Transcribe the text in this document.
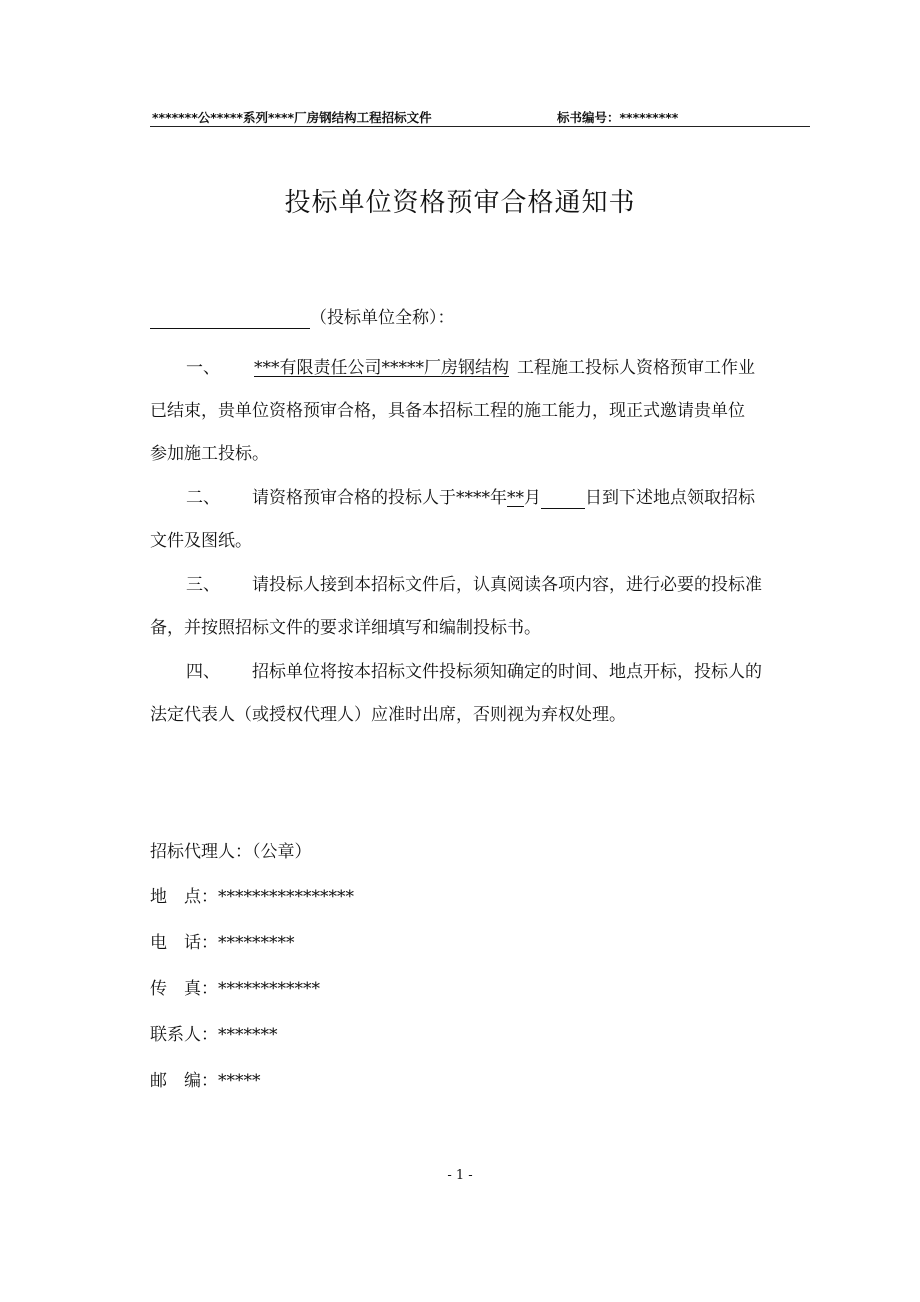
*******公*****系列****厂房钢结构工程招标文件	标书编号：*********
投标单位资格预审合格通知书
（投标单位全称）：
一、 ***有限责任公司*****厂房钢结构 工程施工投标人资格预审工作业
已结束，贵单位资格预审合格，具备本招标工程的施工能力，现正式邀请贵单位
参加施工投标。
二、 请资格预审合格的投标人于****年**月	日到下述地点领取招标
文件及图纸。
三、 请投标人接到本招标文件后，认真阅读各项内容，进行必要的投标准
备，并按照招标文件的要求详细填写和编制投标书。
四、 招标单位将按本招标文件投标须知确定的时间、地点开标，投标人的
法定代表人（或授权代理人）应准时出席，否则视为弃权处理。
招标代理人：（公章）
地　点：****************
电　话：*********
传　真：************
联系人：*******
邮　编：*****
- 1 -
